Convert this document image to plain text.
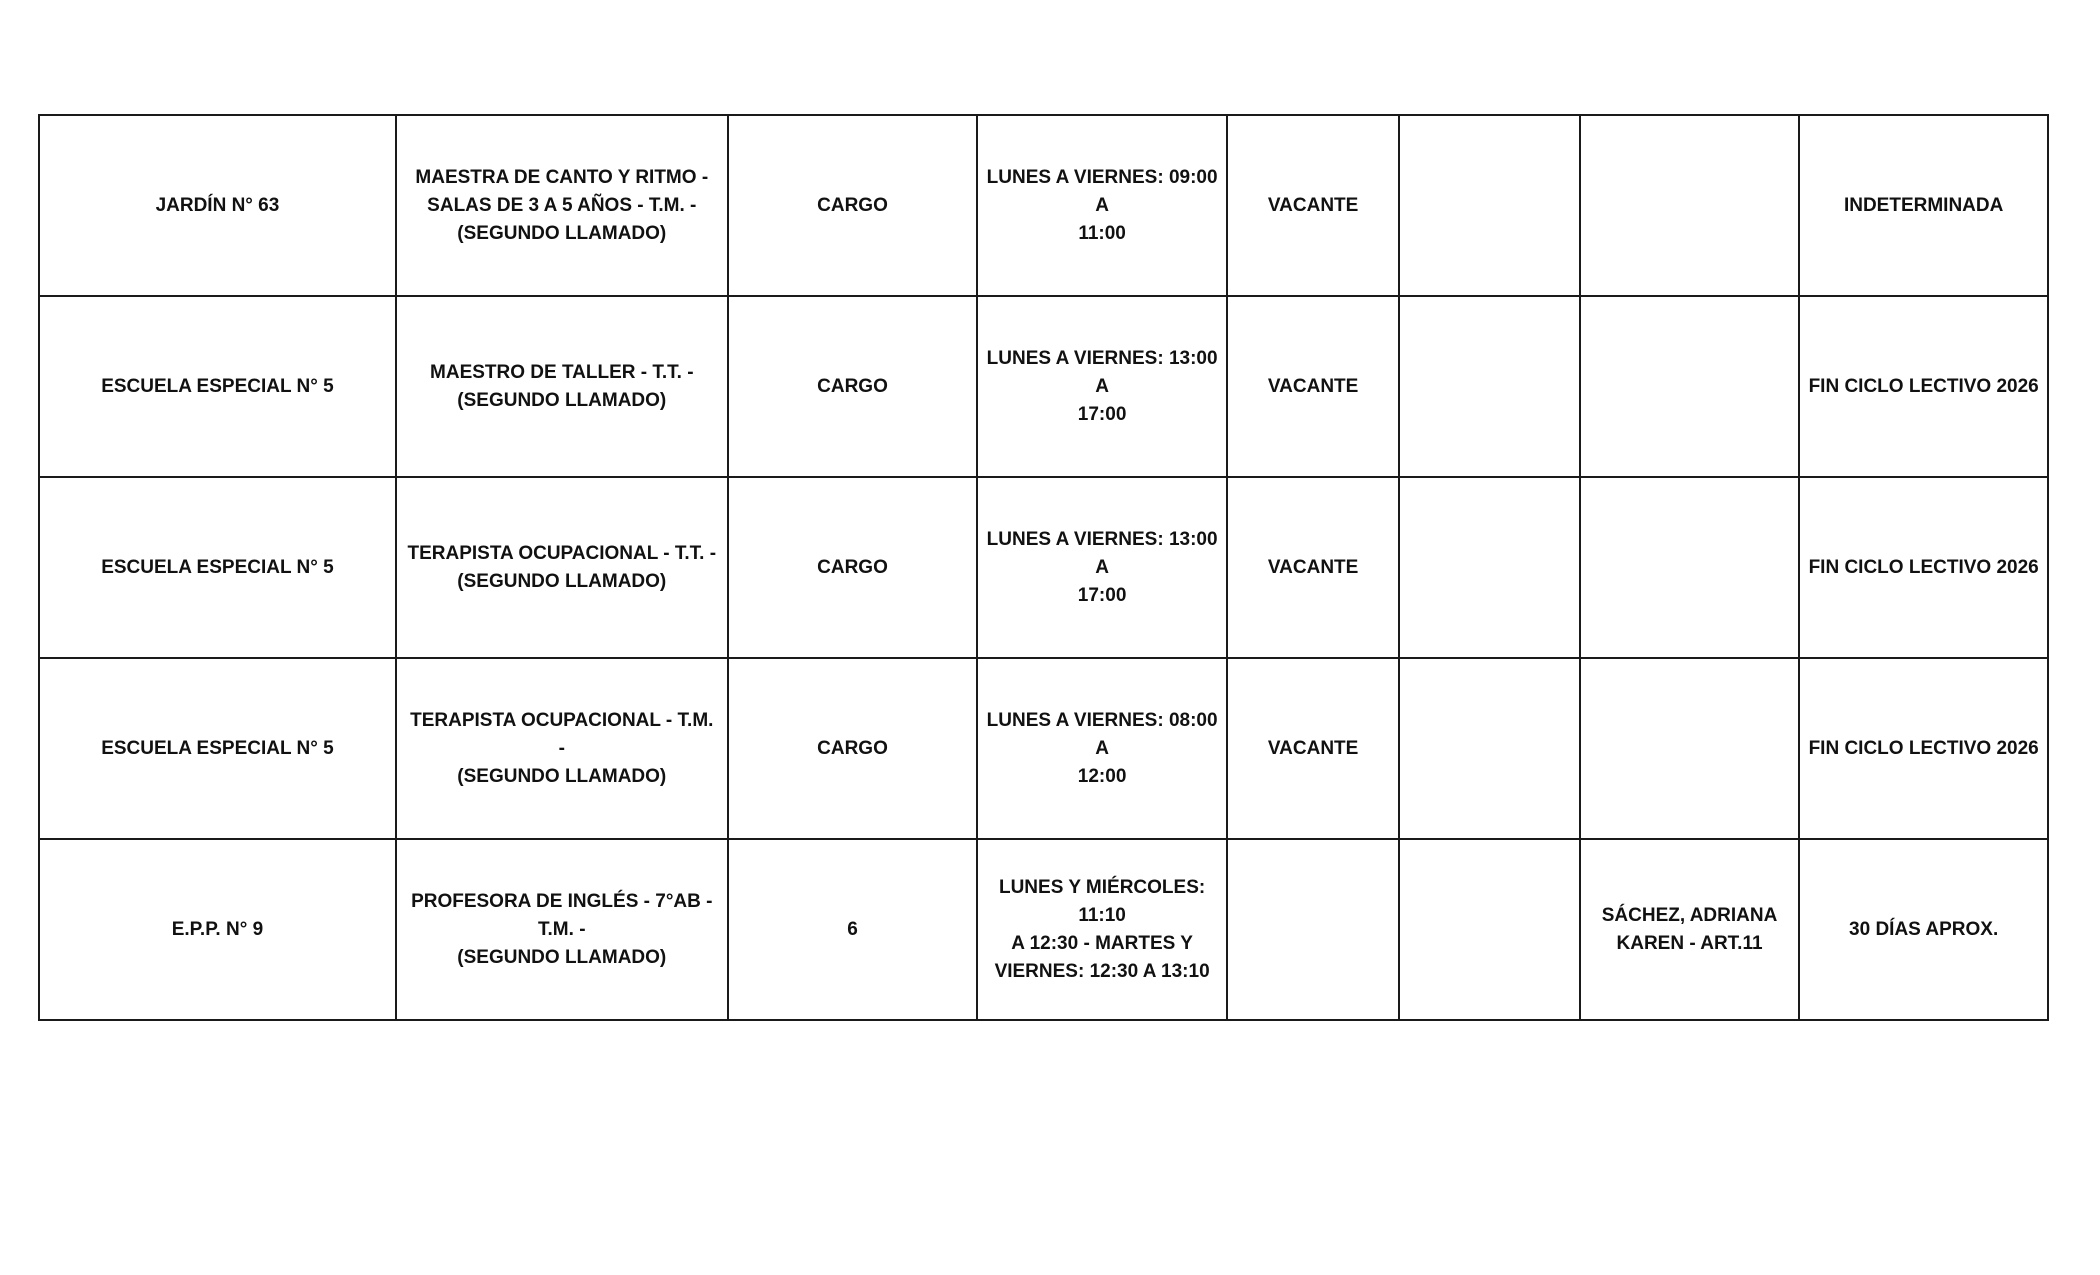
JARDÍN N° 63	MAESTRA DE CANTO Y RITMO -
SALAS DE 3 A 5 AÑOS - T.M. -
(SEGUNDO LLAMADO)	CARGO	LUNES A VIERNES: 09:00 A
11:00	VACANTE			INDETERMINADA
ESCUELA ESPECIAL N° 5	MAESTRO DE TALLER - T.T. -
(SEGUNDO LLAMADO)	CARGO	LUNES A VIERNES: 13:00 A
17:00	VACANTE			FIN CICLO LECTIVO 2026
ESCUELA ESPECIAL N° 5	TERAPISTA OCUPACIONAL - T.T. -
(SEGUNDO LLAMADO)	CARGO	LUNES A VIERNES: 13:00 A
17:00	VACANTE			FIN CICLO LECTIVO 2026
ESCUELA ESPECIAL N° 5	TERAPISTA OCUPACIONAL - T.M. -
(SEGUNDO LLAMADO)	CARGO	LUNES A VIERNES: 08:00 A
12:00	VACANTE			FIN CICLO LECTIVO 2026
E.P.P. N° 9	PROFESORA DE INGLÉS - 7°AB - T.M. -
(SEGUNDO LLAMADO)	6	LUNES Y MIÉRCOLES: 11:10
A 12:30 - MARTES Y
VIERNES: 12:30 A 13:10			SÁCHEZ, ADRIANA
KAREN - ART.11	30 DÍAS APROX.
